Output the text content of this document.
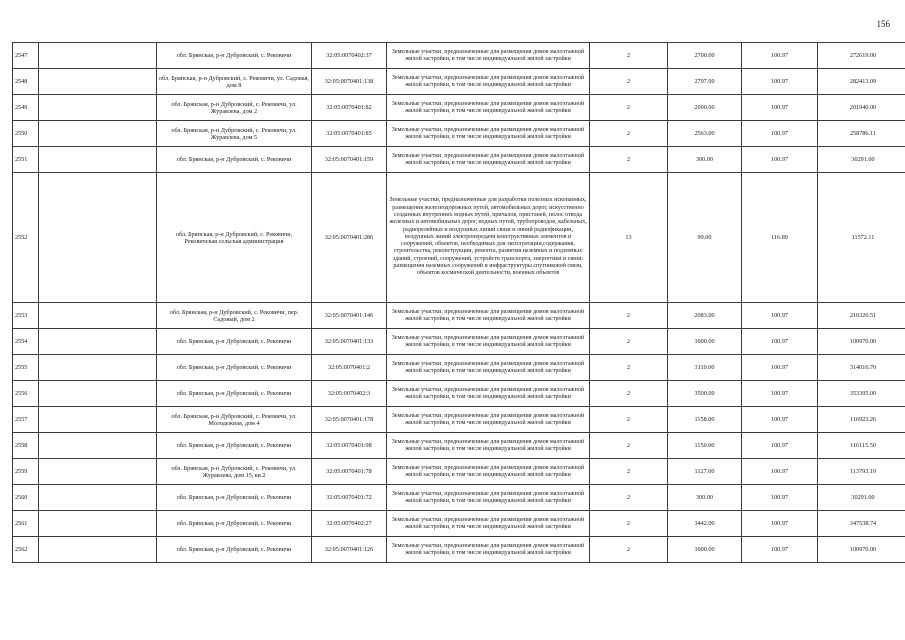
156
2547		обл. Брянская, р-н Дубровский, с. Рековичи	32:05:0070402:37	Земельные участки, предназначенные для размещения домов малоэтажной жилой застройки, в том числе индивидуальной жилой застройки	2	2700.00	100.97	272619.00
2548		обл. Брянская, р-н Дубровский, с. Рековичи, ул. Садовая, дом 8	32:05:0070401:138	Земельные участки, предназначенные для размещения домов малоэтажной жилой застройки, в том числе индивидуальной жилой застройки	2	2797.00	100.97	282413.09
2549		обл. Брянская, р-н Дубровский, с. Рековичи, ул. Журавлева, дом 2	32:05:0070401:82	Земельные участки, предназначенные для размещения домов малоэтажной жилой застройки, в том числе индивидуальной жилой застройки	2	2000.00	100.97	201940.00
2550		обл. Брянская, р-н Дубровский, с. Рековичи, ул. Журавлева, дом 5	32:05:0070401:85	Земельные участки, предназначенные для размещения домов малоэтажной жилой застройки, в том числе индивидуальной жилой застройки	2	2563.00	100.97	258786.11
2551		обл. Брянская, р-н Дубровский, с. Рековичи	32:05:0070401:159	Земельные участки, предназначенные для размещения домов малоэтажной жилой застройки, в том числе индивидуальной жилой застройки	2	300.00	100.97	30291.00
2552		обл. Брянская, р-н Дубровский, с. Рековичи, Рековичская сельская администрация	32:05:0070401:286	Земельные участки, предназначенные для разработки полезных ископаемых, размещения железнодорожных путей, автомобильных дорог, искусственно созданных внутренних водных путей, причалов, пристаней, полос отвода железных и автомобильных дорог, водных путей, трубопроводов, кабельных, радиорелейных и воздушных линий связи и линий радиофикации, воздушных линий электропередачи конструктивных элементов и сооружений, объектов, необходимых для эксплуатации,содержания, строительства, реконструкции, ремонта, развития наземных и подземных зданий, строений, сооружений, устройств транспорта, энергетики и связи; размещения наземных сооружений и инфраструктуры спутниковой связи, объектов космической деятельности, военных объектов	13	99.00	116.89	11572.11
2553		обл. Брянская, р-н Дубровский, с. Рековичи, пер. Садовый, дом 2	32:05:0070401:146	Земельные участки, предназначенные для размещения домов малоэтажной жилой застройки, в том числе индивидуальной жилой застройки	2	2083.00	100.97	210320.51
2554		обл. Брянская, р-н Дубровский, с. Рековичи	32:05:0070401:133	Земельные участки, предназначенные для размещения домов малоэтажной жилой застройки, в том числе индивидуальной жилой застройки	2	1000.00	100.97	100970.00
2555		обл. Брянская, р-н Дубровский, с. Рековичи	32:05:0070401:2	Земельные участки, предназначенные для размещения домов малоэтажной жилой застройки, в том числе индивидуальной жилой застройки	2	3110.00	100.97	314016.70
2556		обл. Брянская, р-н Дубровский, с. Рековичи	32:05:0070402:3	Земельные участки, предназначенные для размещения домов малоэтажной жилой застройки, в том числе индивидуальной жилой застройки	2	3500.00	100.97	353395.00
2557		обл. Брянская, р-н Дубровский, с. Рековичи, ул. Молодежная, дом 4	32:05:0070401:178	Земельные участки, предназначенные для размещения домов малоэтажной жилой застройки, в том числе индивидуальной жилой застройки	2	1158.00	100.97	116923.26
2558		обл. Брянская, р-н Дубровский, с. Рековичи	32:05:0070401:98	Земельные участки, предназначенные для размещения домов малоэтажной жилой застройки, в том числе индивидуальной жилой застройки	2	1150.00	100.97	116115.50
2559		обл. Брянская, р-н Дубровский, с. Рековичи, ул. Журавлева, дом 15, кв.2	32:05:0070401:78	Земельные участки, предназначенные для размещения домов малоэтажной жилой застройки, в том числе индивидуальной жилой застройки	2	1127.00	100.97	113793.19
2560		обл. Брянская, р-н Дубровский, с. Рековичи	32:05:0070401:72	Земельные участки, предназначенные для размещения домов малоэтажной жилой застройки, в том числе индивидуальной жилой застройки	2	300.00	100.97	30291.00
2561		обл. Брянская, р-н Дубровский, с. Рековичи	32:05:0070402:27	Земельные участки, предназначенные для размещения домов малоэтажной жилой застройки, в том числе индивидуальной жилой застройки	2	3442.00	100.97	347538.74
2562		обл. Брянская, р-н Дубровский, с. Рековичи	32:05:0070401:126	Земельные участки, предназначенные для размещения домов малоэтажной жилой застройки, в том числе индивидуальной жилой застройки	2	1000.00	100.97	100970.00
